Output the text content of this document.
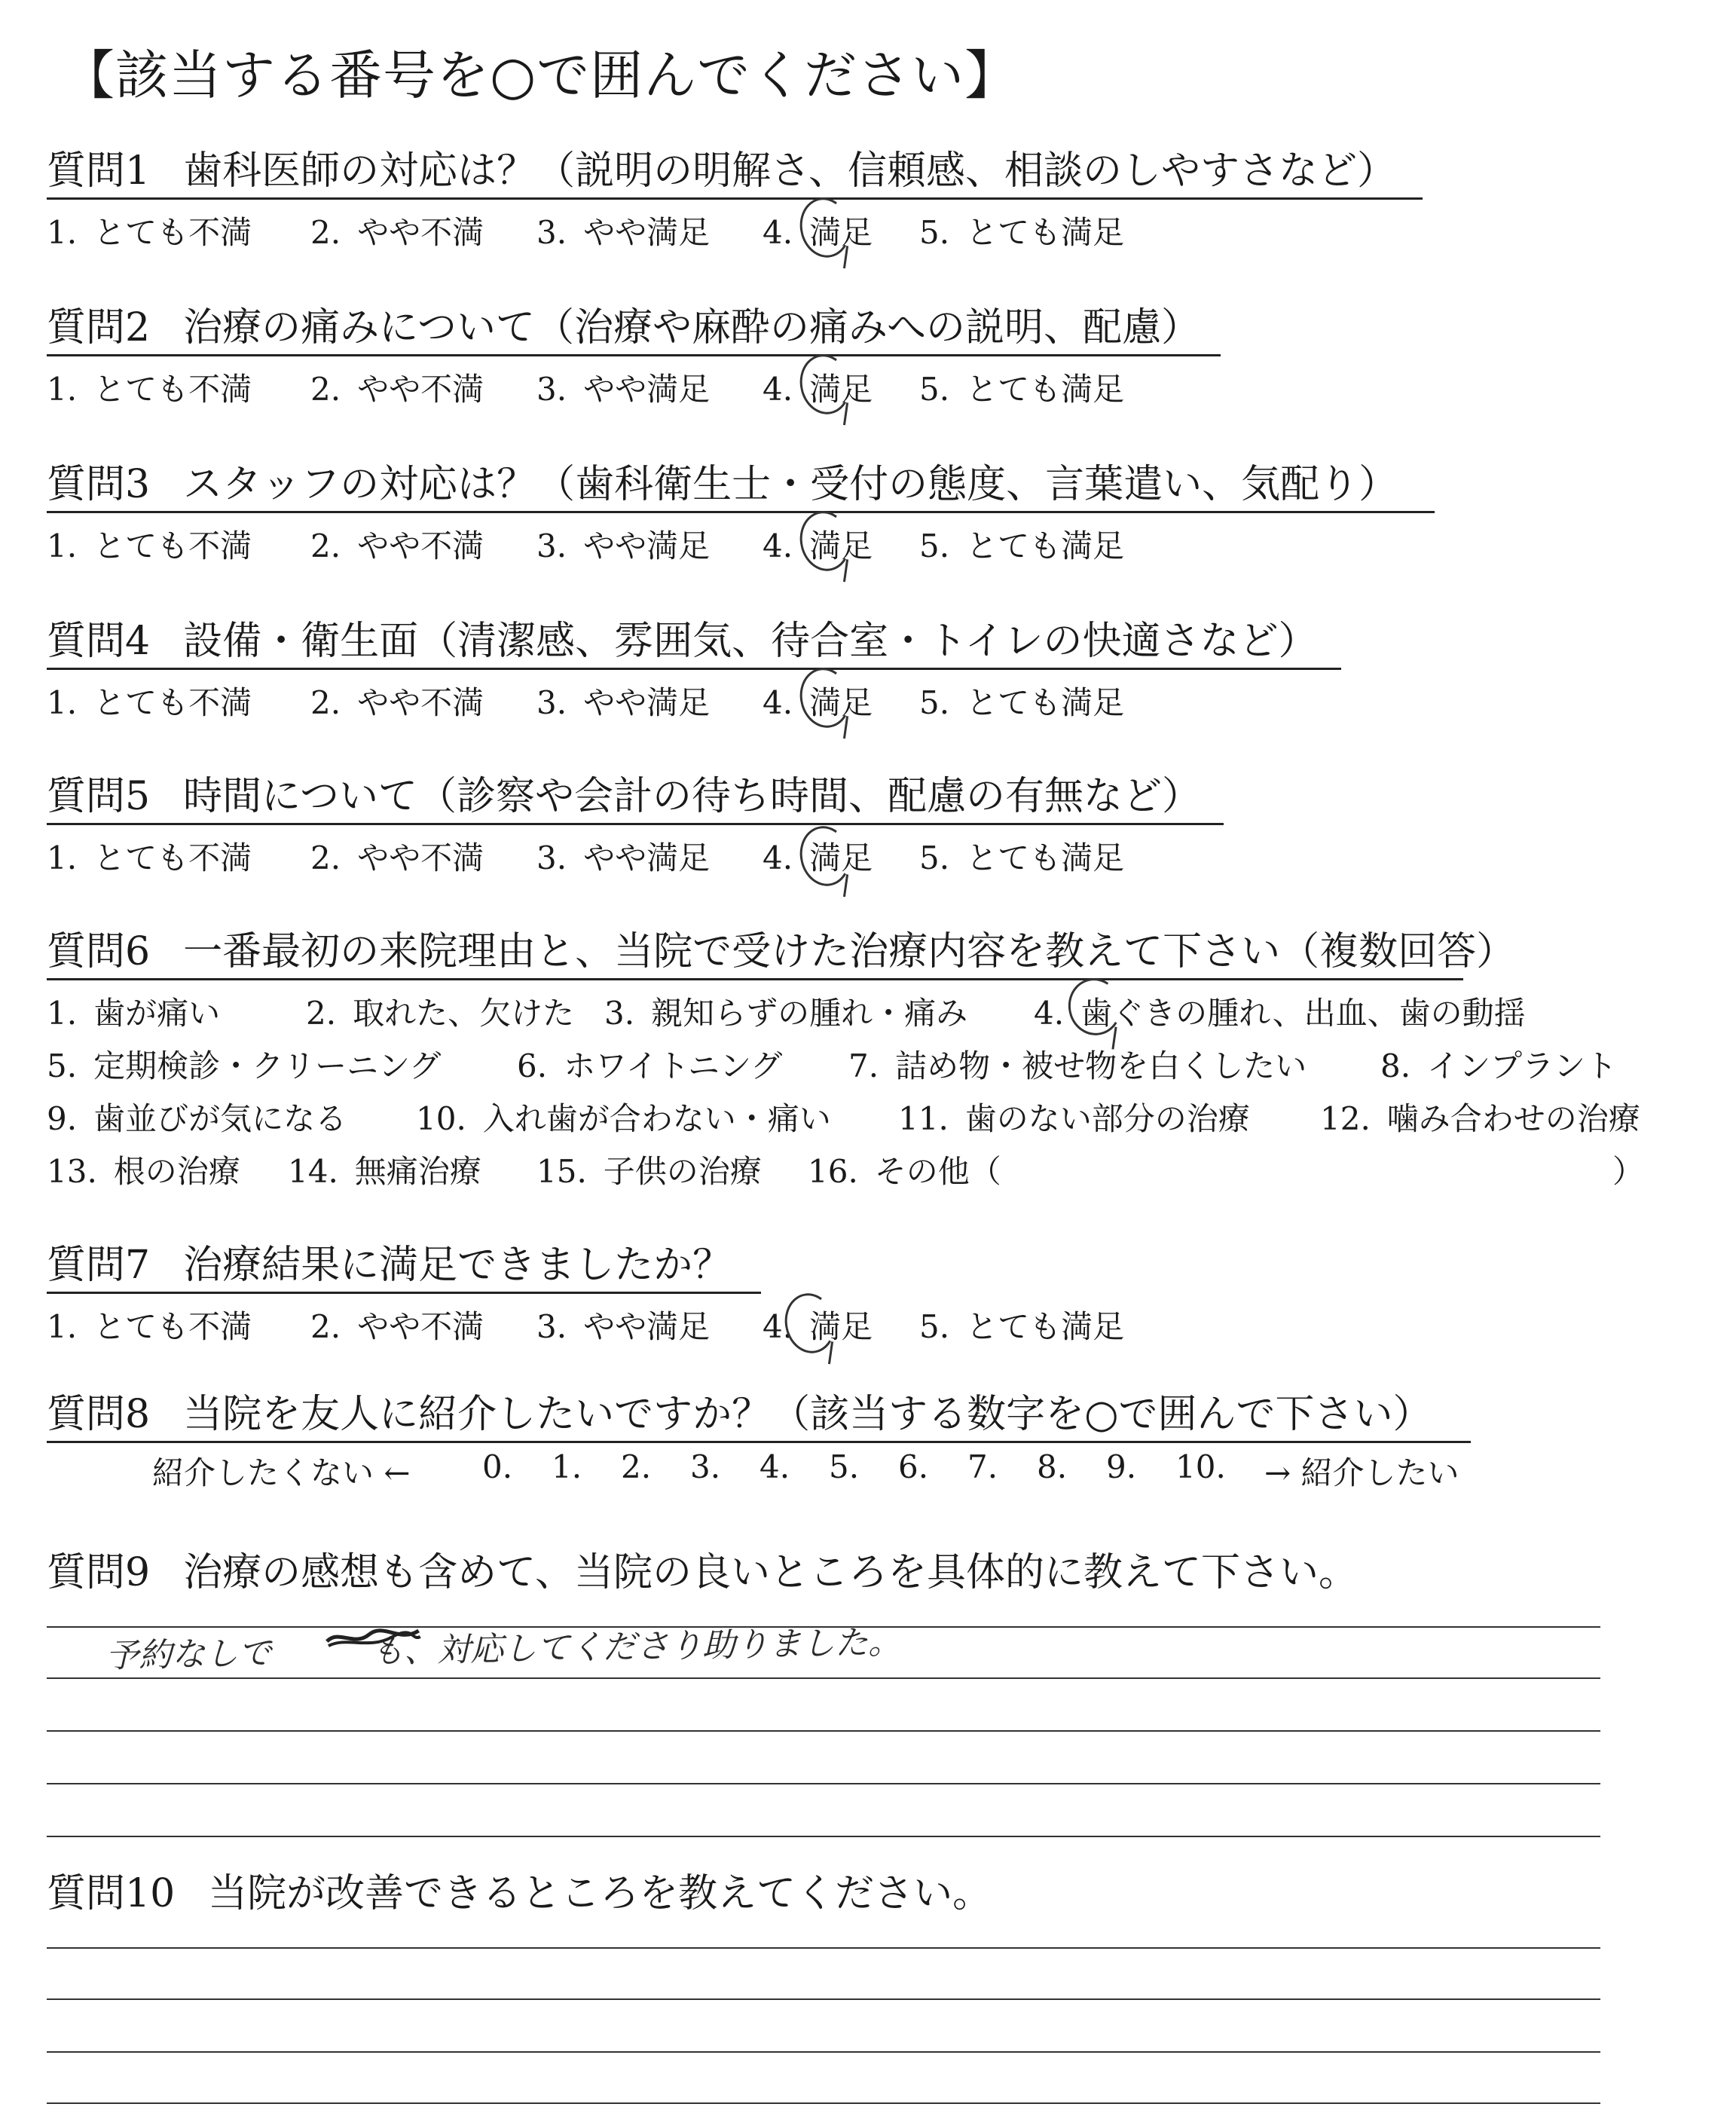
【該当する番号を○で囲んでください】
質問1 歯科医師の対応は？（説明の明解さ、信頼感、相談のしやすさなど）
1. とても不満 2. やや不満 3. やや満足 4. 満足 5. とても満足
質問2 治療の痛みについて（治療や麻酔の痛みへの説明、配慮）
1. とても不満 2. やや不満 3. やや満足 4. 満足 5. とても満足
質問3 スタッフの対応は？（歯科衛生士・受付の態度、言葉遣い、気配り）
1. とても不満 2. やや不満 3. やや満足 4. 満足 5. とても満足
質問4 設備・衛生面（清潔感、雰囲気、待合室・トイレの快適さなど）
1. とても不満 2. やや不満 3. やや満足 4. 満足 5. とても満足
質問5 時間について（診察や会計の待ち時間、配慮の有無など）
1. とても不満 2. やや不満 3. やや満足 4. 満足 5. とても満足
質問6 一番最初の来院理由と、当院で受けた治療内容を教えて下さい（複数回答）
1. 歯が痛い	2. 取れた、欠けた 3. 親知らずの腫れ・痛み 4. 歯ぐきの腫れ、出血、歯の動揺
5. 定期検診・クリーニング 6. ホワイトニング 7. 詰め物・被せ物を白くしたい 8. インプラント
9. 歯並びが気になる 10. 入れ歯が合わない・痛い 11. 歯のない部分の治療 12. 噛み合わせの治療
13. 根の治療 14. 無痛治療 15. 子供の治療 16. その他（	）
質問7 治療結果に満足できましたか？
1. とても不満 2. やや不満 3. やや満足 4. 満足 5. とても満足
質問8 当院を友人に紹介したいですか？（該当する数字を○で囲んで下さい）
紹介したくない ← 0. 1. 2. 3. 4. 5. 6. 7. 8. 9. 10. → 紹介したい
質問9 治療の感想も含めて、当院の良いところを具体的に教えて下さい。
予約なしで　　　も、対応してくださり助りました。
質問10 当院が改善できるところを教えてください。
